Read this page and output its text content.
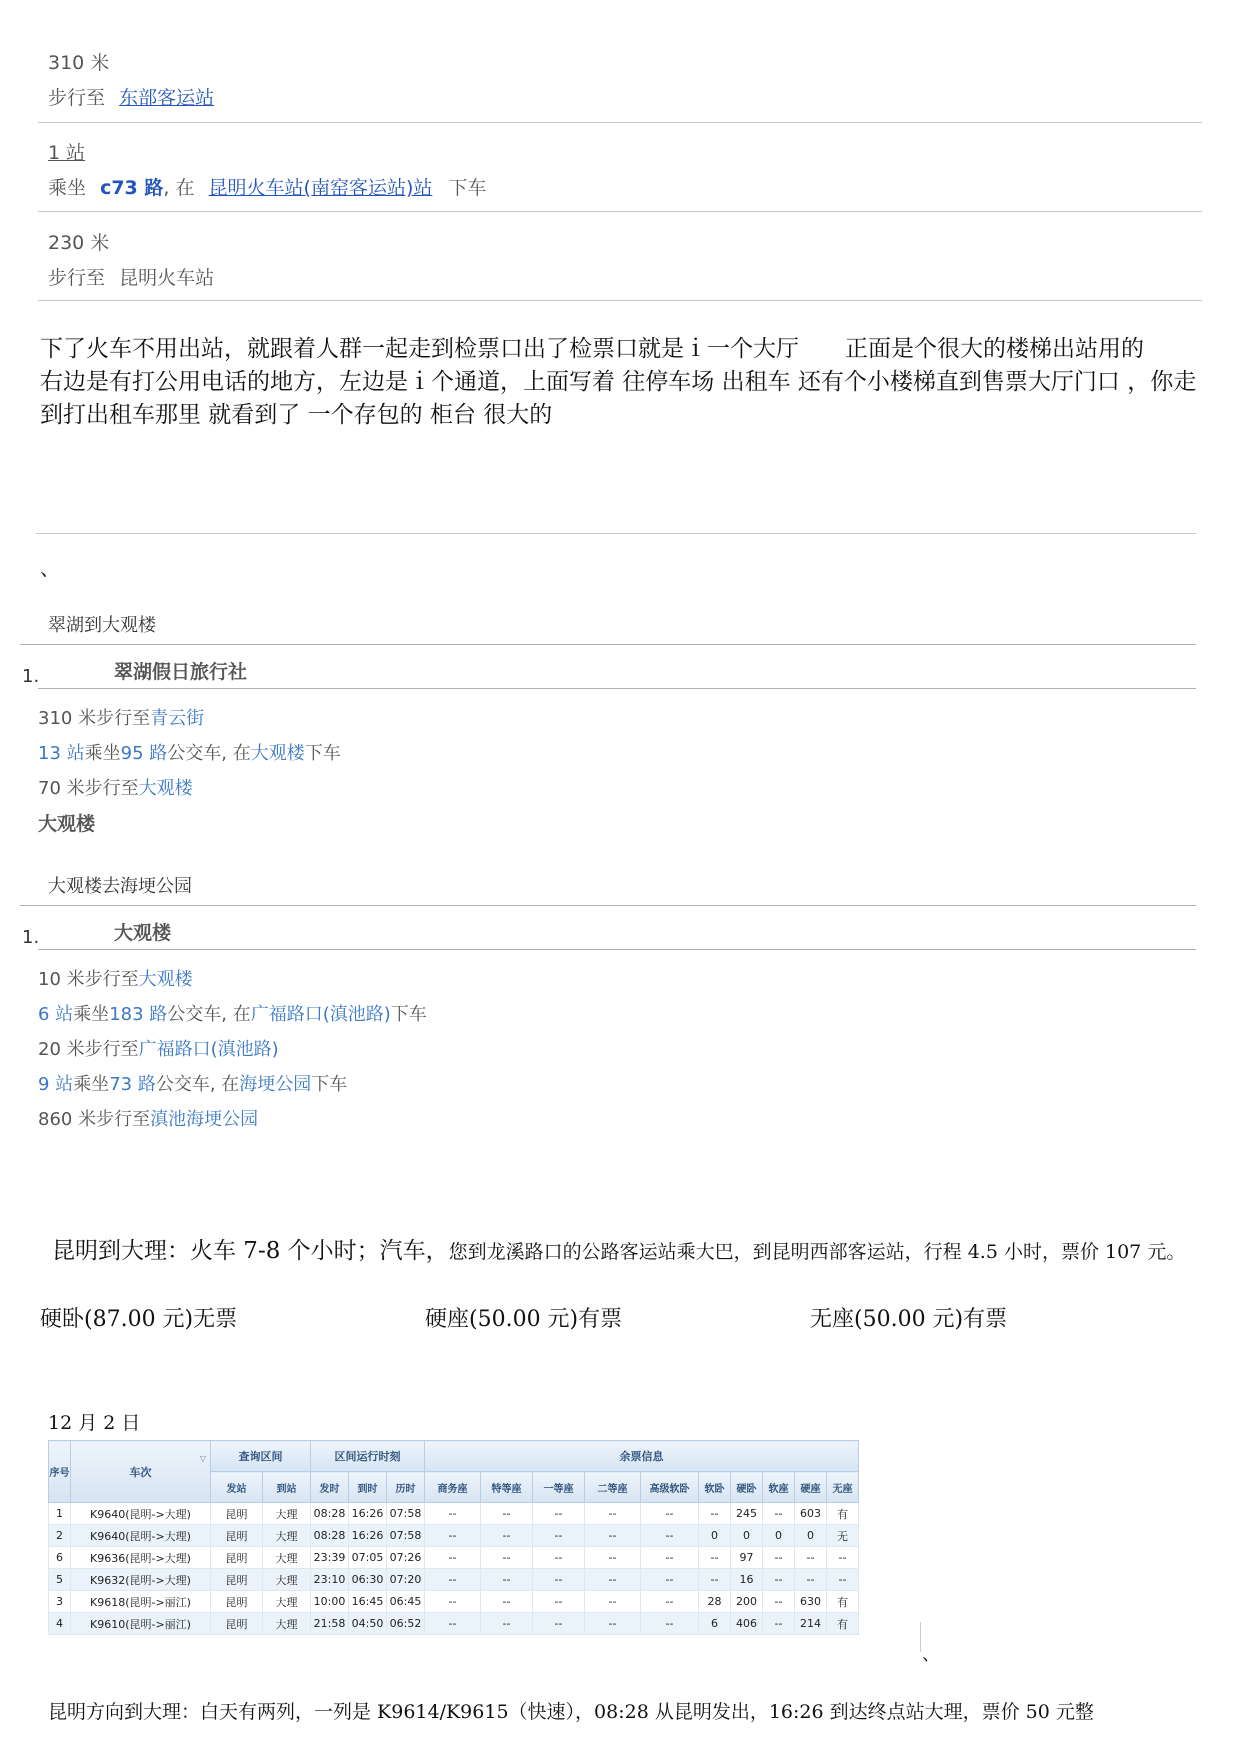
310 米
步行至 东部客运站
1 站
乘坐 c73 路, 在 昆明火车站(南窑客运站)站 下车
230 米
步行至 昆明火车站
下了火车不用出站，就跟着人群一起走到检票口出了检票口就是ｉ一个大厅　　正面是个很大的楼梯出站用的　　右边是有打公用电话的地方，左边是ｉ个通道，上面写着 往停车场 出租车 还有个小楼梯直到售票大厅门口 ，你走到打出租车那里 就看到了 一个存包的 柜台 很大的
、
翠湖到大观楼
1.	翠湖假日旅行社
310 米步行至青云街
13 站乘坐95 路公交车, 在大观楼下车
70 米步行至大观楼
大观楼
大观楼去海埂公园
1.	大观楼
10 米步行至大观楼
6 站乘坐183 路公交车, 在广福路口(滇池路)下车
20 米步行至广福路口(滇池路)
9 站乘坐73 路公交车, 在海埂公园下车
860 米步行至滇池海埂公园
昆明到大理：火车 7-8 个小时；汽车，您到龙溪路口的公路客运站乘大巴，到昆明西部客运站，行程 4.5 小时，票价 107 元。
硬卧(87.00 元)无票	硬座(50.00 元)有票	无座(50.00 元)有票
12 月 2 日
序号	车次
▽	查询区间		区间运行时刻			余票信息									
		发站	到站	发时	到时	历时	商务座	特等座	一等座	二等座	高级软卧	软卧	硬卧	软座	硬座	无座
1	K9640(昆明->大理)	昆明	大理	08:28	16:26	07:58	--	--	--	--	--	--	245	--	603	有
2	K9640(昆明->大理)	昆明	大理	08:28	16:26	07:58	--	--	--	--	--	0	0	0	0	无
6	K9636(昆明->大理)	昆明	大理	23:39	07:05	07:26	--	--	--	--	--	--	97	--	--	--
5	K9632(昆明->大理)	昆明	大理	23:10	06:30	07:20	--	--	--	--	--	--	16	--	--	--
3	K9618(昆明->丽江)	昆明	大理	10:00	16:45	06:45	--	--	--	--	--	28	200	--	630	有
4	K9610(昆明->丽江)	昆明	大理	21:58	04:50	06:52	--	--	--	--	--	6	406	--	214	有
、
昆明方向到大理：白天有两列，一列是 K9614/K9615（快速），08:28 从昆明发出，16:26 到达终点站大理，票价 50 元整
